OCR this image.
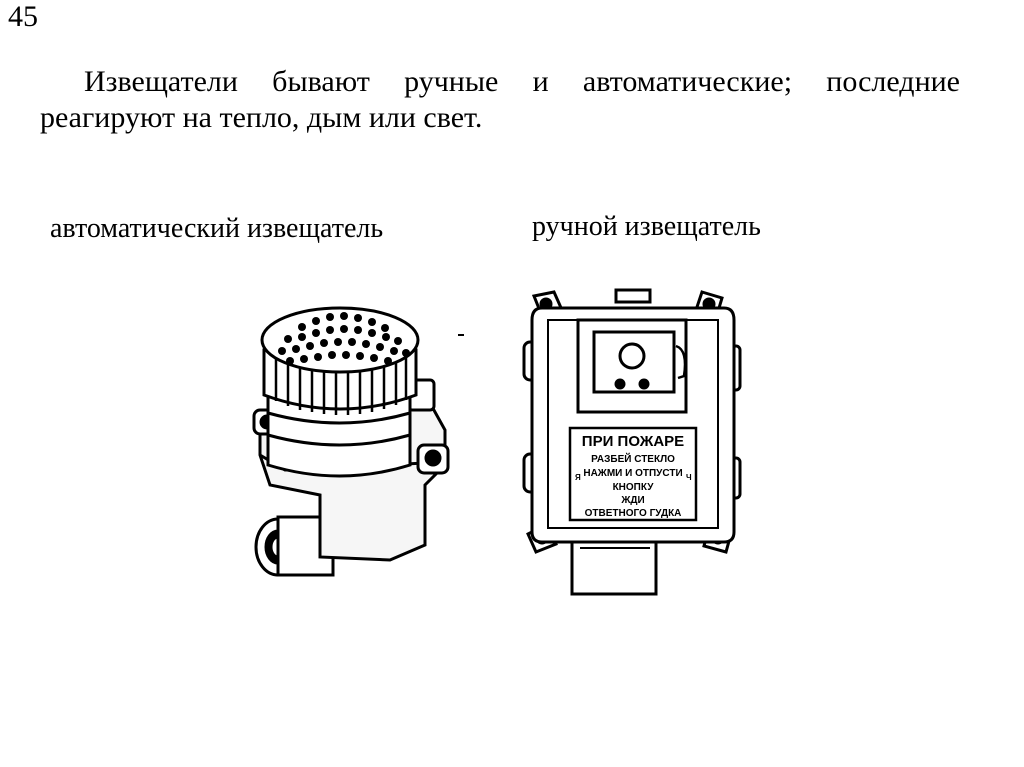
45

Извещатели бывают ручные и автоматические; последние реагируют на тепло, дым или свет.

автоматический извещатель	ручной извещатель
ПРИ ПОЖАРЕ
РАЗБЕЙ СТЕКЛО
НАЖМИ И ОТПУСТИ
КНОПКУ
ЖДИ
ОТВЕТНОГО ГУДКА
Я	Ч
